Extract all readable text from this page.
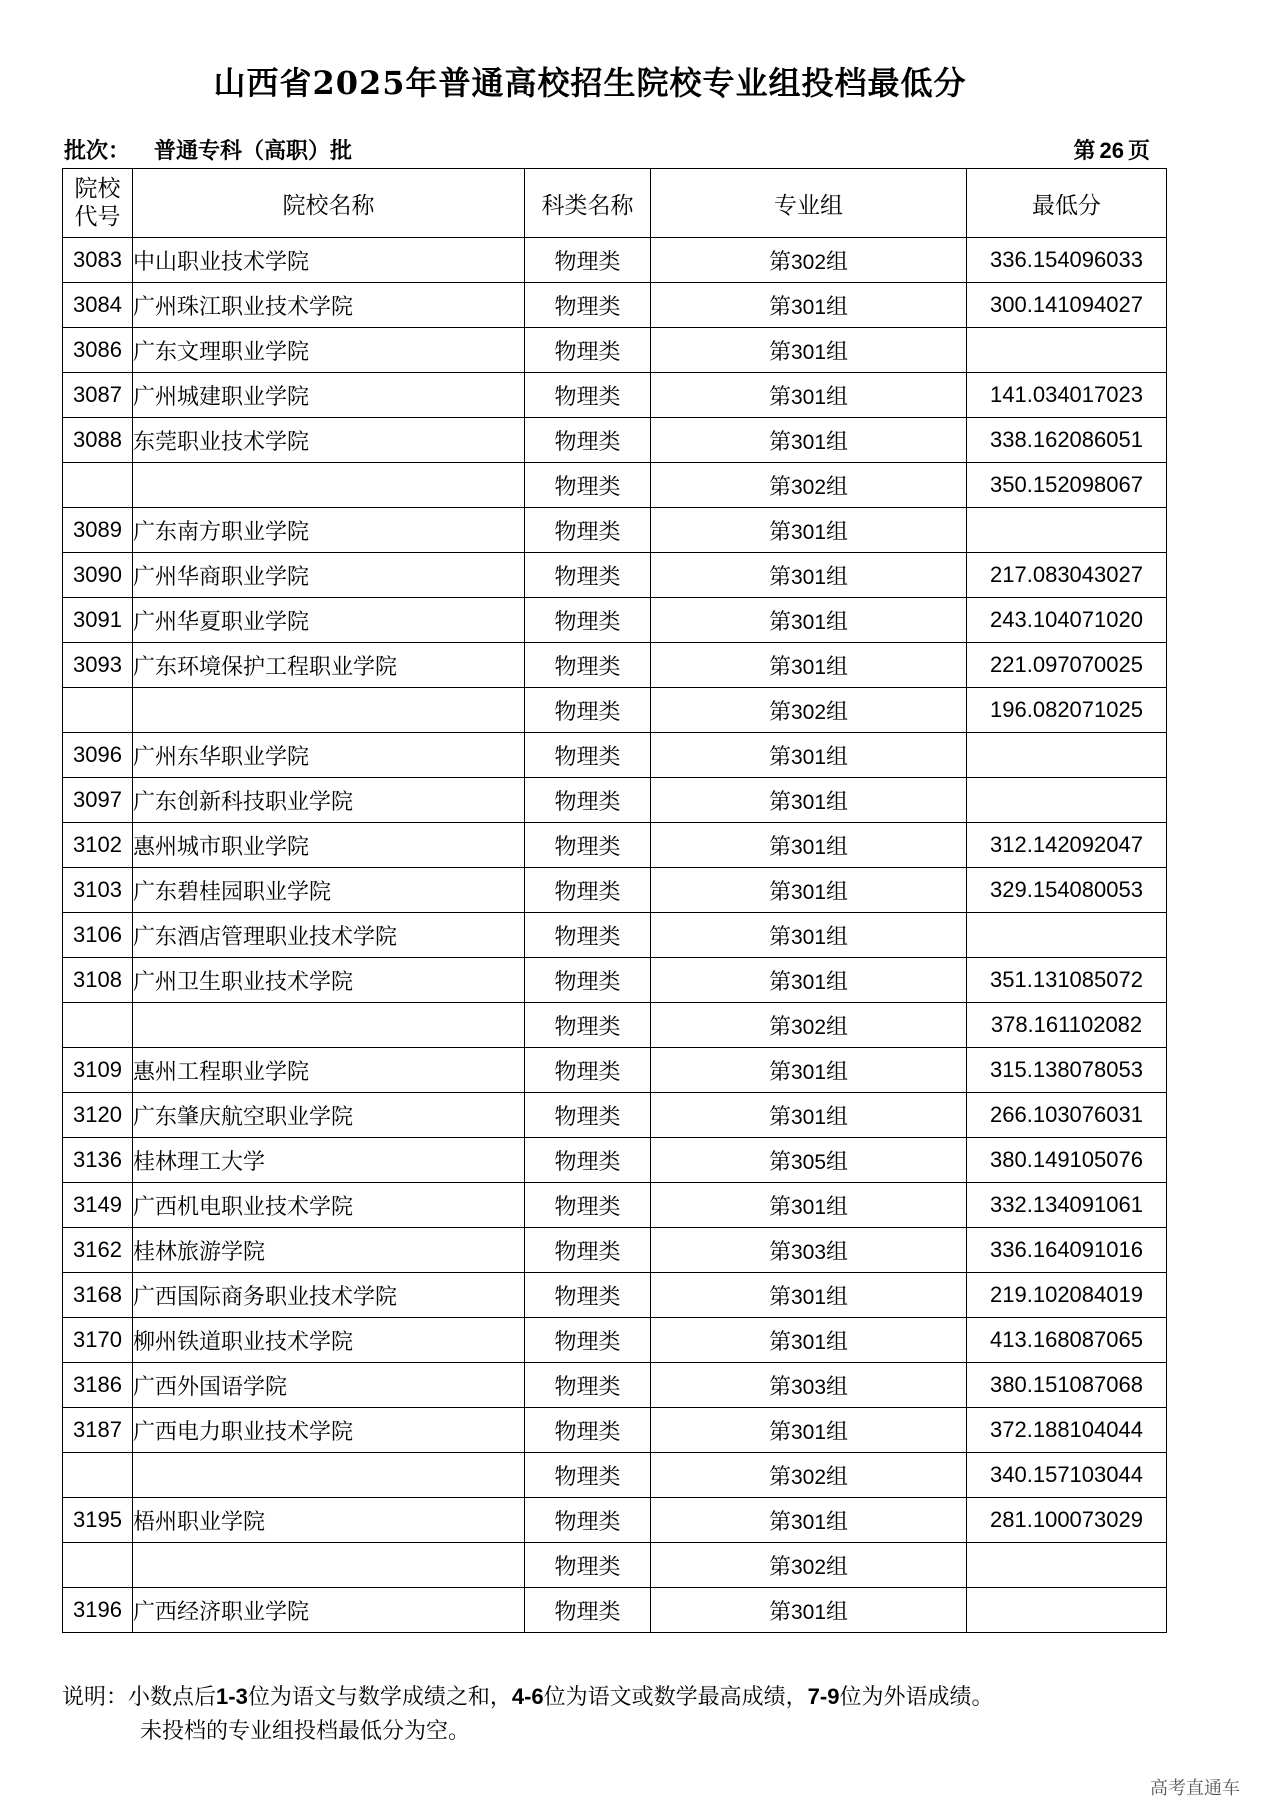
山西省2025年普通高校招生院校专业组投档最低分
批次： 普通专科（高职）批	第 26 页
院校
代号	院校名称	科类名称	专业组	最低分
3083	中山职业技术学院	物理类	第302组	336.154096033
3084	广州珠江职业技术学院	物理类	第301组	300.141094027
3086	广东文理职业学院	物理类	第301组	
3087	广州城建职业学院	物理类	第301组	141.034017023
3088	东莞职业技术学院	物理类	第301组	338.162086051
		物理类	第302组	350.152098067
3089	广东南方职业学院	物理类	第301组	
3090	广州华商职业学院	物理类	第301组	217.083043027
3091	广州华夏职业学院	物理类	第301组	243.104071020
3093	广东环境保护工程职业学院	物理类	第301组	221.097070025
		物理类	第302组	196.082071025
3096	广州东华职业学院	物理类	第301组	
3097	广东创新科技职业学院	物理类	第301组	
3102	惠州城市职业学院	物理类	第301组	312.142092047
3103	广东碧桂园职业学院	物理类	第301组	329.154080053
3106	广东酒店管理职业技术学院	物理类	第301组	
3108	广州卫生职业技术学院	物理类	第301组	351.131085072
		物理类	第302组	378.161102082
3109	惠州工程职业学院	物理类	第301组	315.138078053
3120	广东肇庆航空职业学院	物理类	第301组	266.103076031
3136	桂林理工大学	物理类	第305组	380.149105076
3149	广西机电职业技术学院	物理类	第301组	332.134091061
3162	桂林旅游学院	物理类	第303组	336.164091016
3168	广西国际商务职业技术学院	物理类	第301组	219.102084019
3170	柳州铁道职业技术学院	物理类	第301组	413.168087065
3186	广西外国语学院	物理类	第303组	380.151087068
3187	广西电力职业技术学院	物理类	第301组	372.188104044
		物理类	第302组	340.157103044
3195	梧州职业学院	物理类	第301组	281.100073029
		物理类	第302组	
3196	广西经济职业学院	物理类	第301组	
说明：小数点后1-3位为语文与数学成绩之和，4-6位为语文或数学最高成绩，7-9位为外语成绩。
未投档的专业组投档最低分为空。
高考直通车
